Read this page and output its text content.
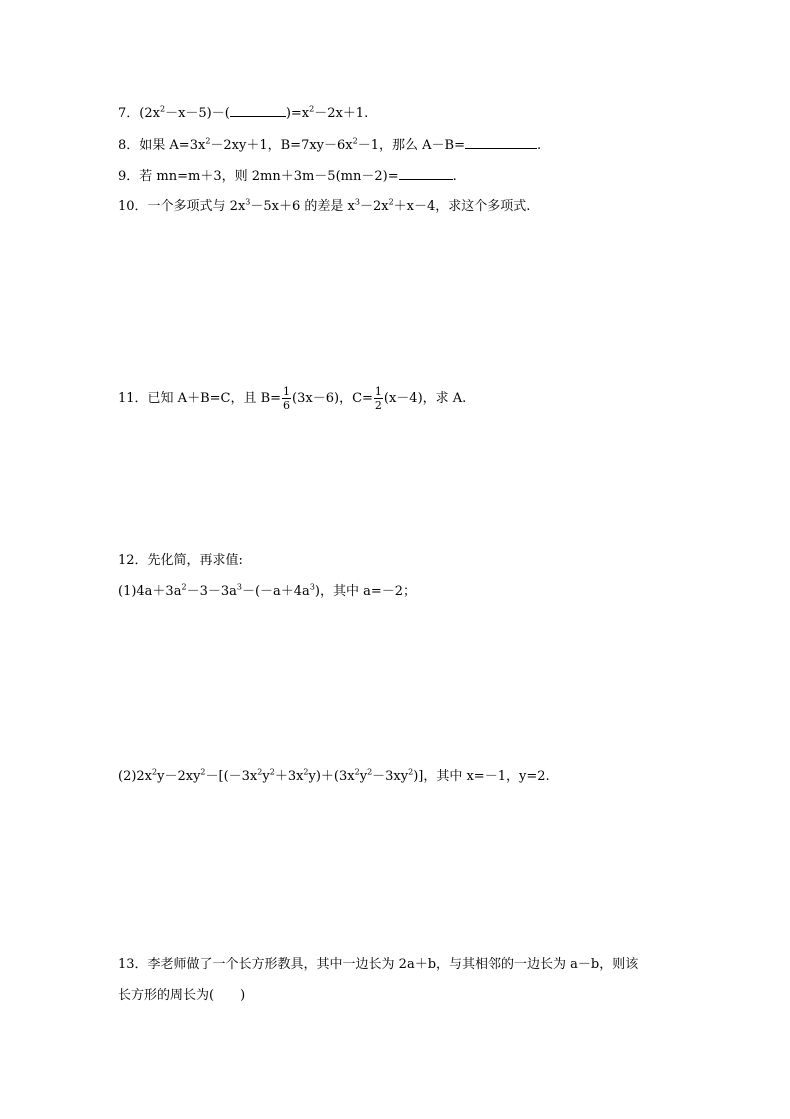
7．$(2x^2-x-5)-$(	)$=x^2-2x+1$.
8．如果 $A=3x^2-2xy+1$，$B=7xy-6x^2-1$，那么 A－B=	.
9．若 mn=m＋3，则 2mn＋3m－5(mn－2)=	.
10．一个多项式与 $2x^3-5x+6$ 的差是 $x^3-2x^2+x-4$，求这个多项式.
11．已知 A＋B=C，且 $B= \frac{1}{6} (3x-6)$，$C= \frac{1}{2} (x-4)$，求 A.
12．先化简，再求值:
$(1)4a+3a^2-3-3a^3-(-a+4a^3)$，其中 a=－2；
$(2)2x^2y-2xy^2-[(-3x^2y^2+3x^2y)+(3x^2y^2-3xy^2)]$，其中 x=－1，y=2.
13．李老师做了一个长方形教具，其中一边长为 2a＋b，与其相邻的一边长为 a－b，则该
长方形的周长为(　　)
